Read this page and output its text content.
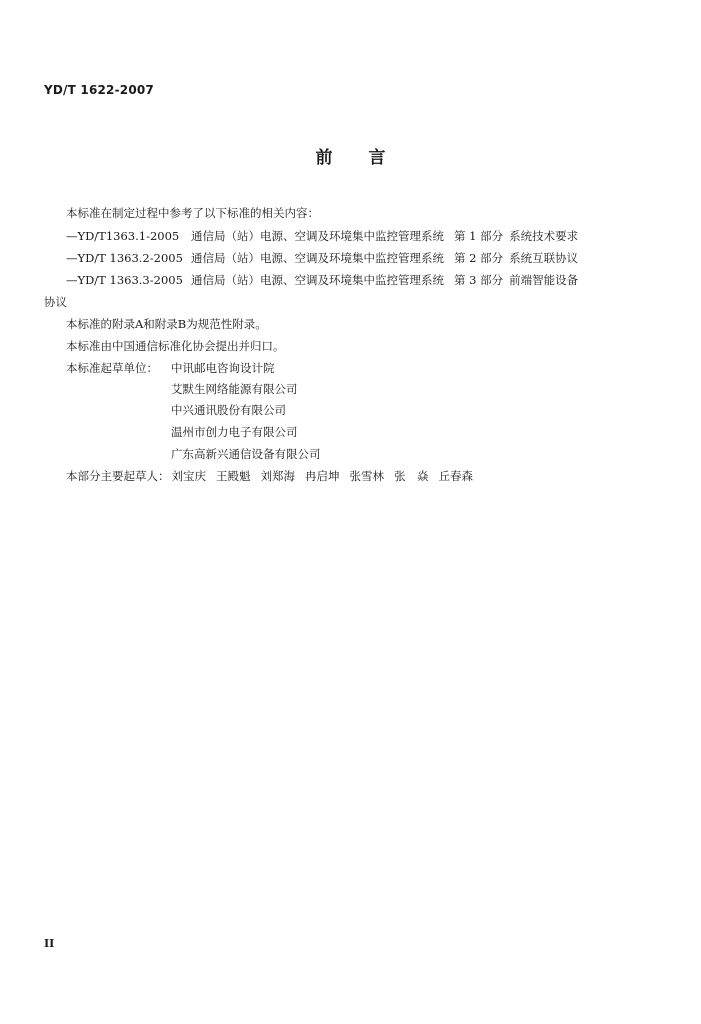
YD/T 1622-2007
前 言
本标准在制定过程中参考了以下标准的相关内容：
—YD/T1363.1-2005 通信局（站）电源、空调及环境集中监控管理系统 第 1 部分 系统技术要求
—YD/T 1363.2-2005 通信局（站）电源、空调及环境集中监控管理系统 第 2 部分 系统互联协议
—YD/T 1363.3-2005 通信局（站）电源、空调及环境集中监控管理系统 第 3 部分 前端智能设备
协议
本标准的附录A和附录B为规范性附录。
本标准由中国通信标准化协会提出并归口。
本标准起草单位： 中讯邮电咨询设计院
艾默生网络能源有限公司
中兴通讯股份有限公司
温州市创力电子有限公司
广东高新兴通信设备有限公司
本部分主要起草人： 刘宝庆 王殿魁 刘郑海 冉启坤 张雪林 张　焱 丘春森
II
